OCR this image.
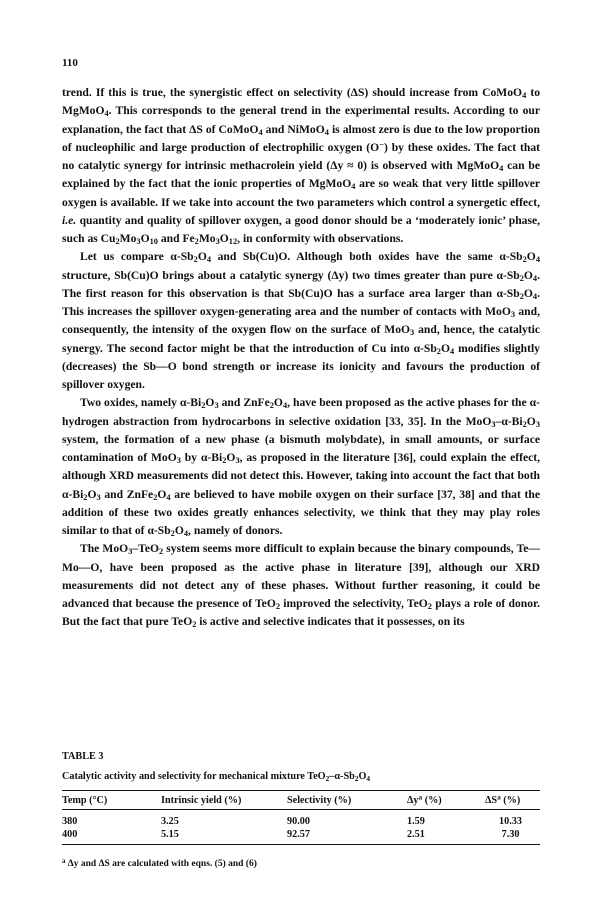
110

trend. If this is true, the synergistic effect on selectivity (ΔS) should increase from CoMoO$_4$ to MgMoO$_4$. This corresponds to the general trend in the experimental results. According to our explanation, the fact that ΔS of CoMoO$_4$ and NiMoO$_4$ is almost zero is due to the low proportion of nucleophilic and large production of electrophilic oxygen (O−) by these oxides. The fact that no catalytic synergy for intrinsic methacrolein yield (Δy ≈ 0) is observed with MgMoO$_4$ can be explained by the fact that the ionic properties of MgMoO$_4$ are so weak that very little spillover oxygen is available. If we take into account the two parameters which control a synergetic effect, i.e. quantity and quality of spillover oxygen, a good donor should be a ‘moderately ionic’ phase, such as $Cu_2Mo_3O_{10}$ and $Fe_2Mo_3O_{12}$, in conformity with observations.

Let us compare $\alpha-Sb_2O_4$ and Sb(Cu)O. Although both oxides have the same $\alpha-Sb_2O_4$ structure, Sb(Cu)O brings about a catalytic synergy (Δy) two times greater than pure $\alpha-Sb_2O_4$. The first reason for this observation is that Sb(Cu)O has a surface area larger than $\alpha-Sb_2O_4$. This increases the spillover oxygen-generating area and the number of contacts with MoO$_3$ and, consequently, the intensity of the oxygen flow on the surface of MoO$_3$ and, hence, the catalytic synergy. The second factor might be that the introduction of Cu into $\alpha-Sb_2O_4$ modifies slightly (decreases) the Sb—O bond strength or increase its ionicity and favours the production of spillover oxygen.

Two oxides, namely $\alpha-Bi_2O_3$ and $ZnFe_2O_4$, have been proposed as the active phases for the α-hydrogen abstraction from hydrocarbons in selective oxidation [33, 35]. In the $MoO_3-\alpha-Bi_2O_3$ system, the formation of a new phase (a bismuth molybdate), in small amounts, or surface contamination of MoO$_3$ by $\alpha-Bi_2O_3$, as proposed in the literature [36], could explain the effect, although XRD measurements did not detect this. However, taking into account the fact that both $\alpha-Bi_2O_3$ and $ZnFe_2O_4$ are believed to have mobile oxygen on their surface [37, 38] and that the addition of these two oxides greatly enhances selectivity, we think that they may play roles similar to that of $\alpha-Sb_2O_4$, namely of donors.

The MoO$_3$–TeO$_2$ system seems more difficult to explain because the binary compounds, Te—Mo—O, have been proposed as the active phase in literature [39], although our XRD measurements did not detect any of these phases. Without further reasoning, it could be advanced that because the presence of TeO$_2$ improved the selectivity, TeO$_2$ plays a role of donor. But the fact that pure TeO$_2$ is active and selective indicates that it possesses, on its

TABLE 3
Catalytic activity and selectivity for mechanical mixture $TeO_2-\alpha-Sb_2O_4$
Temp (°C)	Intrinsic yield (%)	Selectivity (%)	$\Delta y^a$ (%)	$\Delta S^a$ (%)
380	3.25	90.00	1.59	10.33
400	5.15	92.57	2.51	7.30
$^a$ Δy and ΔS are calculated with eqns. (5) and (6)
